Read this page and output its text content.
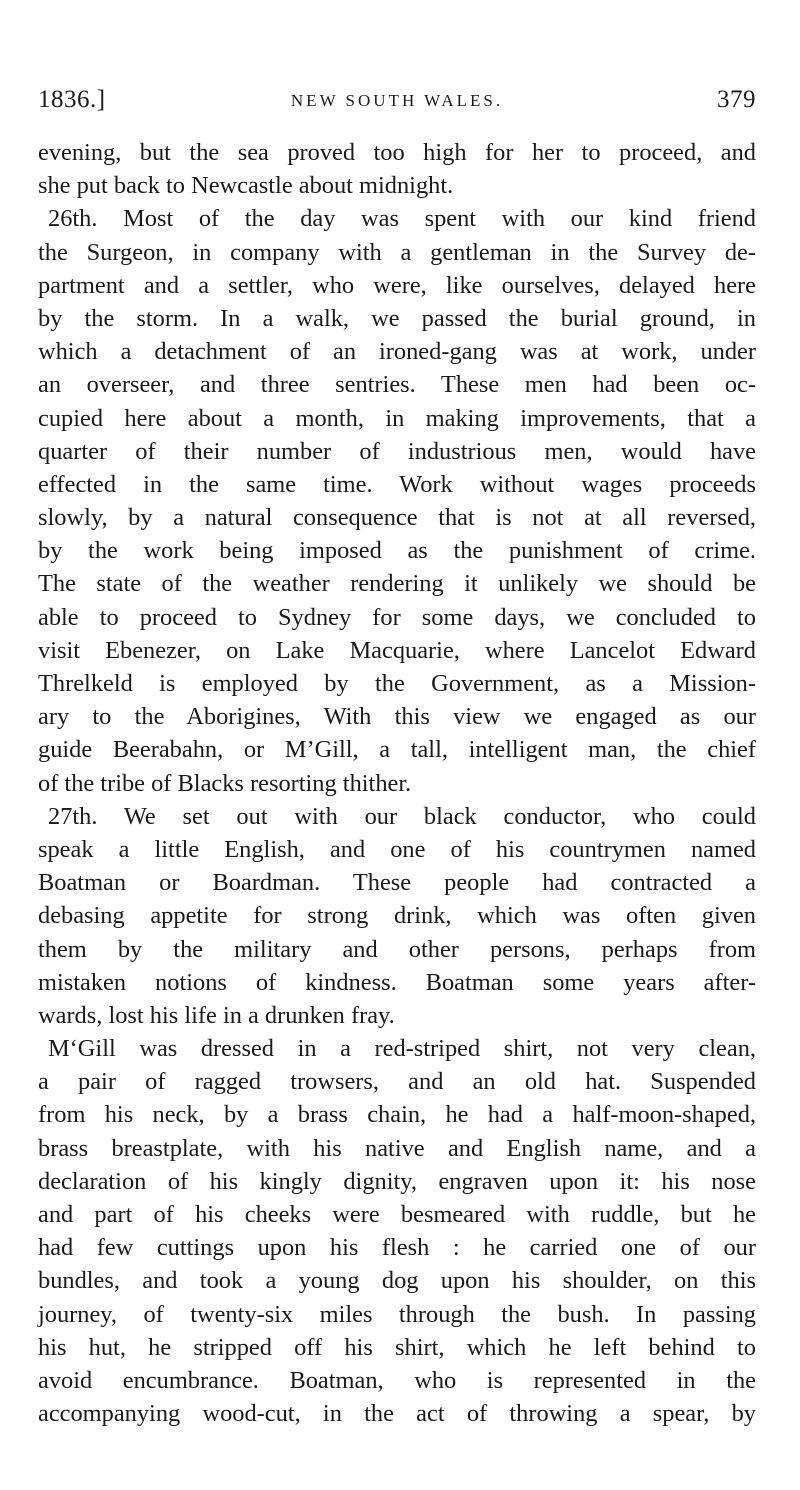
1836.]	NEW SOUTH WALES.	379
evening, but the sea proved too high for her to proceed, and
she put back to Newcastle about midnight.
26th. Most of the day was spent with our kind friend
the Surgeon, in company with a gentleman in the Survey de-
partment and a settler, who were, like ourselves, delayed here
by the storm. In a walk, we passed the burial ground, in
which a detachment of an ironed-gang was at work, under
an overseer, and three sentries. These men had been oc-
cupied here about a month, in making improvements, that a
quarter of their number of industrious men, would have
effected in the same time. Work without wages proceeds
slowly, by a natural consequence that is not at all reversed,
by the work being imposed as the punishment of crime.
The state of the weather rendering it unlikely we should be
able to proceed to Sydney for some days, we concluded to
visit Ebenezer, on Lake Macquarie, where Lancelot Edward
Threlkeld is employed by the Government, as a Mission-
ary to the Aborigines, With this view we engaged as our
guide Beerabahn, or M’Gill, a tall, intelligent man, the chief
of the tribe of Blacks resorting thither.
27th. We set out with our black conductor, who could
speak a little English, and one of his countrymen named
Boatman or Boardman. These people had contracted a
debasing appetite for strong drink, which was often given
them by the military and other persons, perhaps from
mistaken notions of kindness. Boatman some years after-
wards, lost his life in a drunken fray.
M‘Gill was dressed in a red-striped shirt, not very clean,
a pair of ragged trowsers, and an old hat. Suspended
from his neck, by a brass chain, he had a half-moon-shaped,
brass breastplate, with his native and English name, and a
declaration of his kingly dignity, engraven upon it: his nose
and part of his cheeks were besmeared with ruddle, but he
had few cuttings upon his flesh : he carried one of our
bundles, and took a young dog upon his shoulder, on this
journey, of twenty-six miles through the bush. In passing
his hut, he stripped off his shirt, which he left behind to
avoid encumbrance. Boatman, who is represented in the
accompanying wood-cut, in the act of throwing a spear, by
